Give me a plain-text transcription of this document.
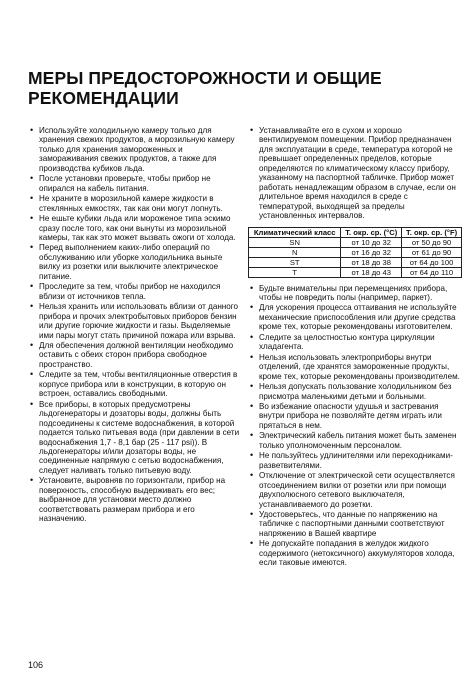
МЕРЫ ПРЕДОСТОРОЖНОСТИ И ОБЩИЕ РЕКОМЕНДАЦИИ
• Используйте холодильную камеру только для хранения свежих продуктов, а морозильную камеру только для хранения замороженных и замораживания свежих продуктов, а также для производства кубиков льда.
• После установки проверьте, чтобы прибор не опирался на кабель питания.
• Не храните в морозильной камере жидкости в стеклянных емкостях, так как они могут лопнуть.
• Не ешьте кубики льда или мороженое типа эскимо сразу после того, как они вынуты из морозильной камеры, так как это может вызвать ожоги от холода.
• Перед выполнением каких-либо операций по обслуживанию или уборке холодильника выньте вилку из розетки или выключите электрическое питание.
• Проследите за тем, чтобы прибор не находился вблизи от источников тепла.
• Нельзя хранить или использовать вблизи от данного прибора и прочих электробытовых приборов бензин или другие горючие жидкости и газы. Выделяемые ими пары могут стать причиной пожара или взрыва.
• Для обеспечения должной вентиляции необходимо оставить с обеих сторон прибора свободное пространство.
• Следите за тем, чтобы вентиляционные отверстия в корпусе прибора или в конструкции, в которую он встроен, оставались свободными.
• Все приборы, в которых предусмотрены льдогенераторы и дозаторы воды, должны быть подсоединены к системе водоснабжения, в которой подается только питьевая вода (при давлении в сети водоснабжения 1,7 - 8,1 бар (25 - 117 psi)). В льдогенераторы и/или дозаторы воды, не соединенные напрямую с сетью водоснабжения, следует наливать только питьевую воду.
• Установите, выровняв по горизонтали, прибор на поверхность, способную выдерживать его вес; выбранное для установки место должно соответствовать размерам прибора и его назначению.
• Устанавливайте его в сухом и хорошо вентилируемом помещении. Прибор предназначен для эксплуатации в среде, температура которой не превышает определенных пределов, которые определяются по климатическому классу прибору, указанному на паспортной табличке. Прибор может работать ненадлежащим образом в случае, если он длительное время находился в среде с температурой, выходящей за пределы установленных интервалов.
Климатический класс	Т. окр. ср. (°C)	Т. окр. ср. (°F)
SN	от 10 до 32	от 50 до 90
N	от 16 до 32	от 61 до 90
ST	от 18 до 38	от 64 до 100
T	от 18 до 43	от 64 до 110
• Будьте внимательны при перемещениях прибора, чтобы не повредить полы (например, паркет).
• Для ускорения процесса оттаивания не используйте механические приспособления или другие средства кроме тех, которые рекомендованы изготовителем.
• Следите за целостностью контура циркуляции хладагента.
• Нельзя использовать электроприборы внутри отделений, где хранятся замороженные продукты, кроме тех, которые рекомендованы производителем.
• Нельзя допускать пользование холодильником без присмотра маленькими детьми и больными.
• Во избежание опасности удушья и застревания внутри прибора не позволяйте детям играть или прятаться в нем.
• Электрический кабель питания может быть заменен только уполномоченным персоналом.
• Не пользуйтесь удлинителями или переходниками-разветвителями.
• Отключение от электрической сети осуществляется отсоединением вилки от розетки или при помощи двухполюсного сетевого выключателя, устанавливаемого до розетки.
• Удостоверьтесь, что данные по напряжению на табличке с паспортными данными соответствуют напряжению в Вашей квартире
• Не допускайте попадания в желудок жидкого содержимого (нетоксичного) аккумуляторов холода, если таковые имеются.
106
